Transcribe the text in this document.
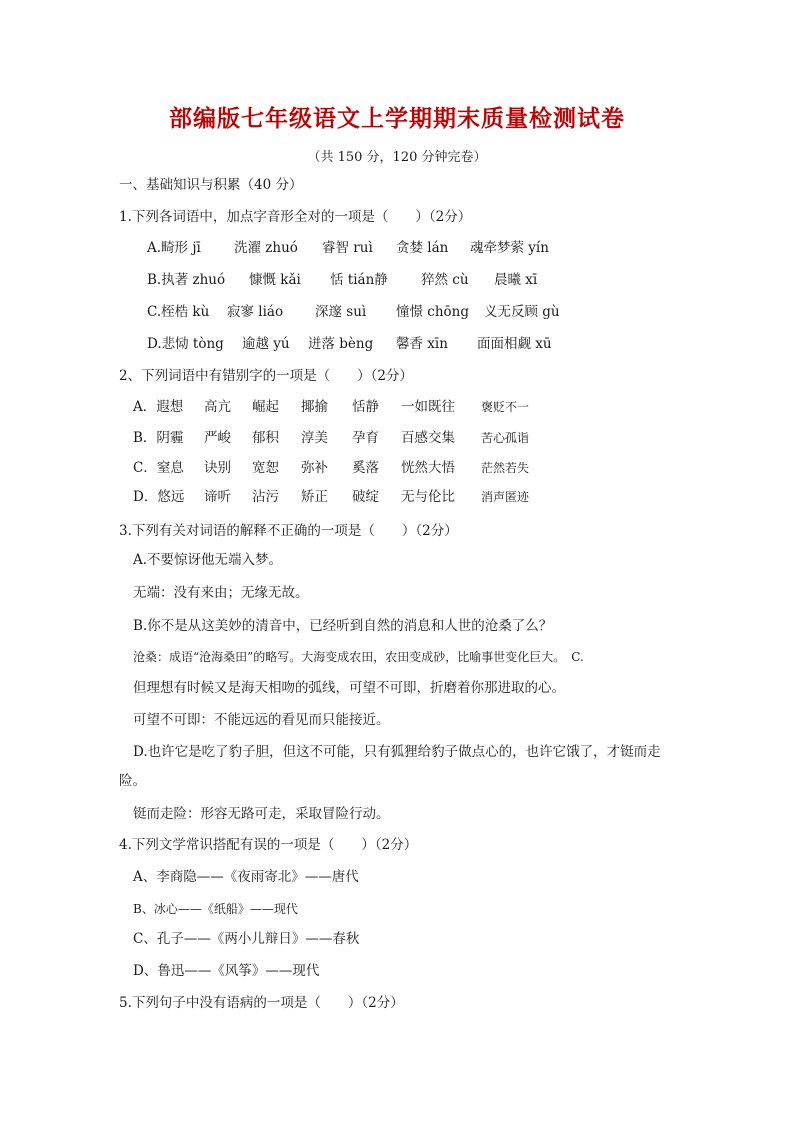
部编版七年级语文上学期期末质量检测试卷
（共 150 分，120 分钟完卷）
一、基础知识与积累（40 分）
1.下列各词语中，加点字音形全对的一项是（　　）（2分）
A.畸形 jī 洗濯 zhuó 睿智 ruì 贪婪 lán 魂牵梦萦 yín
B.执著 zhuó 慷慨 kǎi 恬 tián静 猝然 cù 晨曦 xī
C.桎梏 kù 寂寥 liáo 深邃 suì 憧憬 chōng 义无反顾 gù
D.悲恸 tòng 逾越 yú 迸落 bèng 馨香 xīn 面面相觑 xū
2、下列词语中有错别字的一项是（　　）（2分）
A．遐想 高亢 崛起 揶揄 恬静 一如既往 褒贬不一
B．阴霾 严峻 郁积 淳美 孕育 百感交集 苦心孤诣
C．窒息 诀别 宽恕 弥补 奚落 恍然大悟 茫然若失
D．悠远 谛听 沾污 矫正 破绽 无与伦比 消声匿迹
3.下列有关对词语的解释不正确的一项是（　　）（2分）
A.不要惊讶他无端入梦。
无端：没有来由；无缘无故。
B.你不是从这美妙的清音中，已经听到自然的消息和人世的沧桑了么？
沧桑：成语“沧海桑田”的略写。大海变成农田，农田变成砂，比喻事世变化巨大。　C.
但理想有时候又是海天相吻的弧线，可望不可即，折磨着你那进取的心。
可望不可即：不能远远的看见而只能接近。
D.也许它是吃了豹子胆，但这不可能，只有狐狸给豹子做点心的，也许它饿了，才铤而走
险。
铤而走险：形容无路可走，采取冒险行动。
4.下列文学常识搭配有误的一项是（　　）（2分）
A、李商隐——《夜雨寄北》——唐代
B、冰心——《纸船》——现代
C、孔子——《两小儿辩日》——春秋
D、鲁迅——《风筝》——现代
5.下列句子中没有语病的一项是（　　）（2分）
